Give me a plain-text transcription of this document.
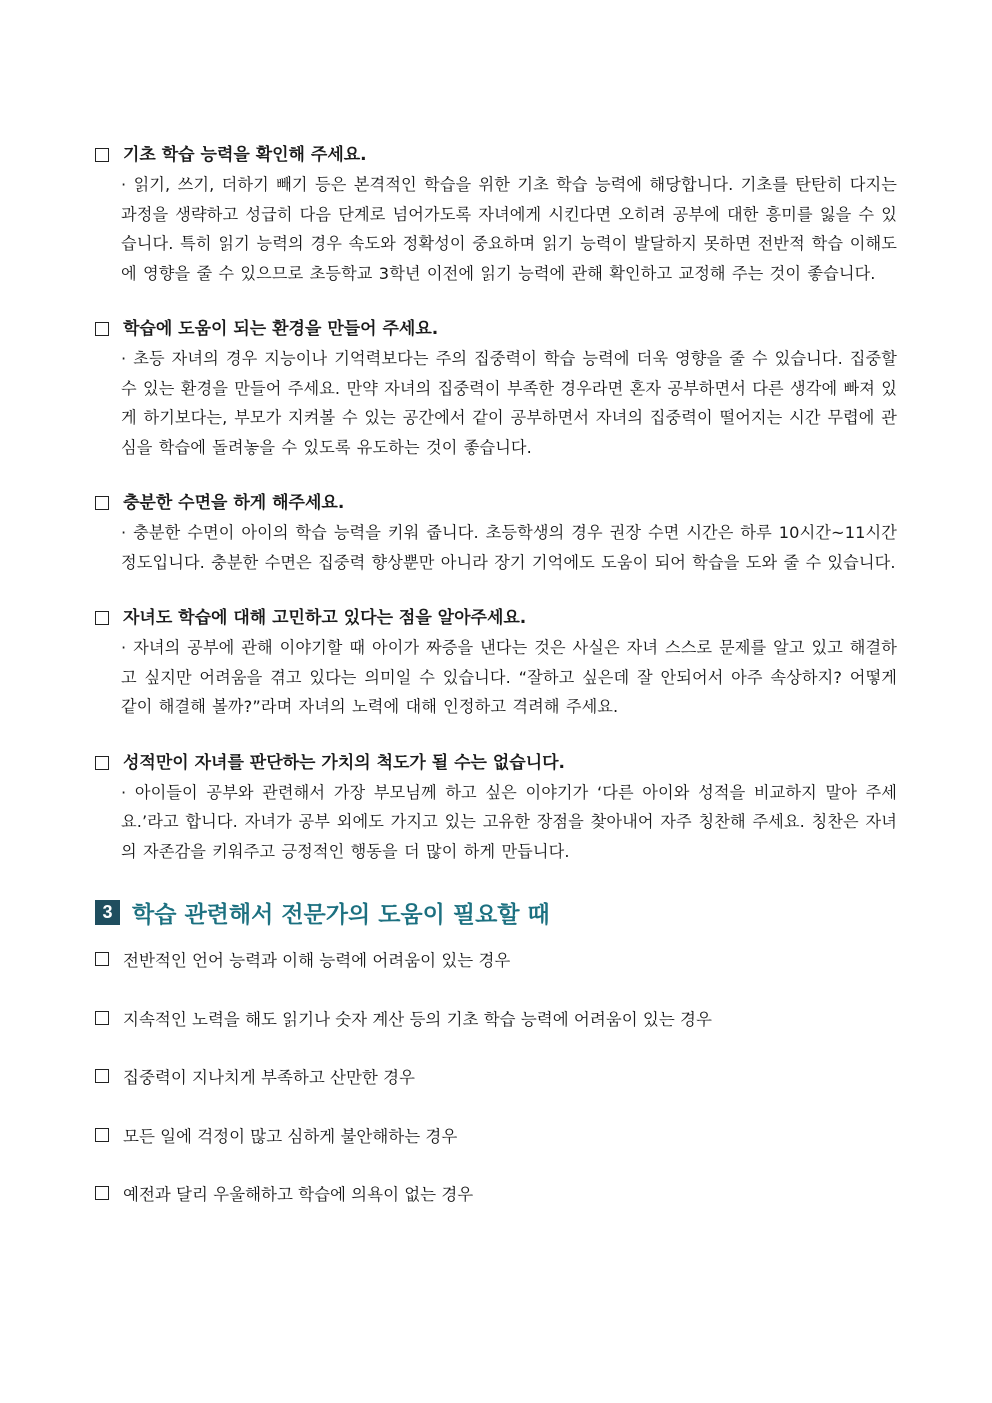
기초 학습 능력을 확인해 주세요.
· 읽기, 쓰기, 더하기 빼기 등은 본격적인 학습을 위한 기초 학습 능력에 해당합니다. 기초를 탄탄히 다지는 과정을 생략하고 성급히 다음 단계로 넘어가도록 자녀에게 시킨다면 오히려 공부에 대한 흥미를 잃을 수 있습니다. 특히 읽기 능력의 경우 속도와 정확성이 중요하며 읽기 능력이 발달하지 못하면 전반적 학습 이해도에 영향을 줄 수 있으므로 초등학교 3학년 이전에 읽기 능력에 관해 확인하고 교정해 주는 것이 좋습니다.
학습에 도움이 되는 환경을 만들어 주세요.
· 초등 자녀의 경우 지능이나 기억력보다는 주의 집중력이 학습 능력에 더욱 영향을 줄 수 있습니다. 집중할 수 있는 환경을 만들어 주세요. 만약 자녀의 집중력이 부족한 경우라면 혼자 공부하면서 다른 생각에 빠져 있게 하기보다는, 부모가 지켜볼 수 있는 공간에서 같이 공부하면서 자녀의 집중력이 떨어지는 시간 무렵에 관심을 학습에 돌려놓을 수 있도록 유도하는 것이 좋습니다.
충분한 수면을 하게 해주세요.
· 충분한 수면이 아이의 학습 능력을 키워 줍니다. 초등학생의 경우 권장 수면 시간은 하루 10시간~11시간 정도입니다. 충분한 수면은 집중력 향상뿐만 아니라 장기 기억에도 도움이 되어 학습을 도와 줄 수 있습니다.
자녀도 학습에 대해 고민하고 있다는 점을 알아주세요.
· 자녀의 공부에 관해 이야기할 때 아이가 짜증을 낸다는 것은 사실은 자녀 스스로 문제를 알고 있고 해결하고 싶지만 어려움을 겪고 있다는 의미일 수 있습니다. “잘하고 싶은데 잘 안되어서 아주 속상하지? 어떻게 같이 해결해 볼까?”라며 자녀의 노력에 대해 인정하고 격려해 주세요.
성적만이 자녀를 판단하는 가치의 척도가 될 수는 없습니다.
· 아이들이 공부와 관련해서 가장 부모님께 하고 싶은 이야기가 ‘다른 아이와 성적을 비교하지 말아 주세요.’라고 합니다. 자녀가 공부 외에도 가지고 있는 고유한 장점을 찾아내어 자주 칭찬해 주세요. 칭찬은 자녀의 자존감을 키워주고 긍정적인 행동을 더 많이 하게 만듭니다.
3 학습 관련해서 전문가의 도움이 필요할 때
전반적인 언어 능력과 이해 능력에 어려움이 있는 경우
지속적인 노력을 해도 읽기나 숫자 계산 등의 기초 학습 능력에 어려움이 있는 경우
집중력이 지나치게 부족하고 산만한 경우
모든 일에 걱정이 많고 심하게 불안해하는 경우
예전과 달리 우울해하고 학습에 의욕이 없는 경우
